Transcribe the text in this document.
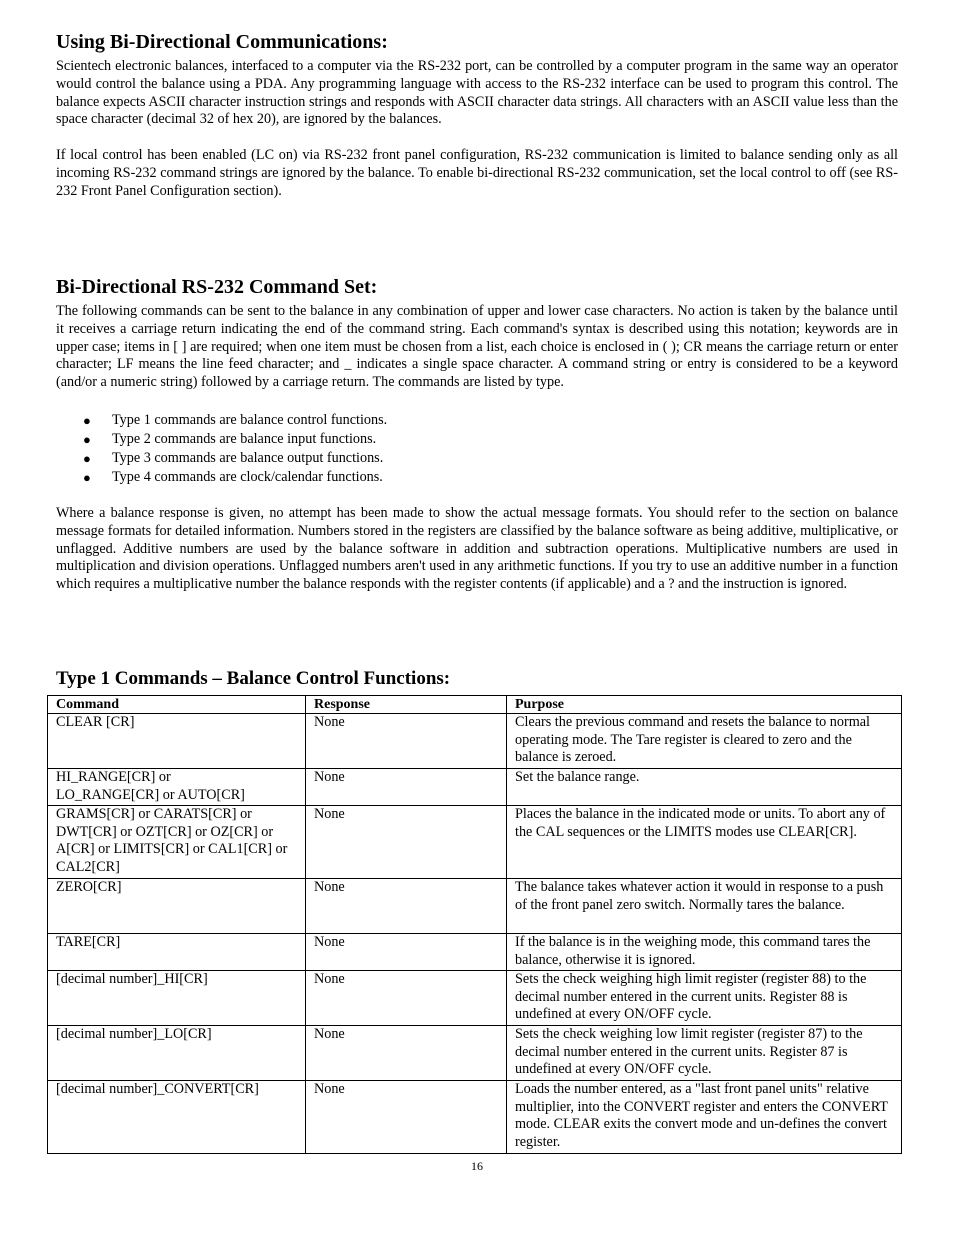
Using Bi-Directional Communications:

Scientech electronic balances, interfaced to a computer via the RS-232 port, can be controlled by a computer program in the same way an operator would control the balance using a PDA. Any programming language with access to the RS-232 interface can be used to program this control. The balance expects ASCII character instruction strings and responds with ASCII character data strings. All characters with an ASCII value less than the space character (decimal 32 of hex 20), are ignored by the balances.

If local control has been enabled (LC on) via RS-232 front panel configuration, RS-232 communication is limited to balance sending only as all incoming RS-232 command strings are ignored by the balance. To enable bi-directional RS-232 communication, set the local control to off (see RS-232 Front Panel Configuration section).

Bi-Directional RS-232 Command Set:

The following commands can be sent to the balance in any combination of upper and lower case characters. No action is taken by the balance until it receives a carriage return indicating the end of the command string. Each command's syntax is described using this notation; keywords are in upper case; items in [ ] are required; when one item must be chosen from a list, each choice is enclosed in ( ); CR means the carriage return or enter character; LF means the line feed character; and _ indicates a single space character. A command string or entry is considered to be a keyword (and/or a numeric string) followed by a carriage return. The commands are listed by type.

● Type 1 commands are balance control functions.
● Type 2 commands are balance input functions.
● Type 3 commands are balance output functions.
● Type 4 commands are clock/calendar functions.

Where a balance response is given, no attempt has been made to show the actual message formats. You should refer to the section on balance message formats for detailed information. Numbers stored in the registers are classified by the balance software as being additive, multiplicative, or unflagged. Additive numbers are used by the balance software in addition and subtraction operations. Multiplicative numbers are used in multiplication and division operations. Unflagged numbers aren't used in any arithmetic functions. If you try to use an additive number in a function which requires a multiplicative number the balance responds with the register contents (if applicable) and a ? and the instruction is ignored.

Type 1 Commands – Balance Control Functions:
Command	Response	Purpose
CLEAR [CR]	None	Clears the previous command and resets the balance to normal operating mode. The Tare register is cleared to zero and the balance is zeroed.
HI_RANGE[CR] or
LO_RANGE[CR] or AUTO[CR]	None	Set the balance range.
GRAMS[CR] or CARATS[CR] or DWT[CR] or OZT[CR] or OZ[CR] or A[CR] or LIMITS[CR] or CAL1[CR] or CAL2[CR]	None	Places the balance in the indicated mode or units. To abort any of the CAL sequences or the LIMITS modes use CLEAR[CR].
ZERO[CR]	None	The balance takes whatever action it would in response to a push of the front panel zero switch. Normally tares the balance.
TARE[CR]	None	If the balance is in the weighing mode, this command tares the balance, otherwise it is ignored.
[decimal number]_HI[CR]	None	Sets the check weighing high limit register (register 88) to the decimal number entered in the current units. Register 88 is undefined at every ON/OFF cycle.
[decimal number]_LO[CR]	None	Sets the check weighing low limit register (register 87) to the decimal number entered in the current units. Register 87 is undefined at every ON/OFF cycle.
[decimal number]_CONVERT[CR]	None	Loads the number entered, as a "last front panel units" relative multiplier, into the CONVERT register and enters the CONVERT mode. CLEAR exits the convert mode and un-defines the convert register.
16
